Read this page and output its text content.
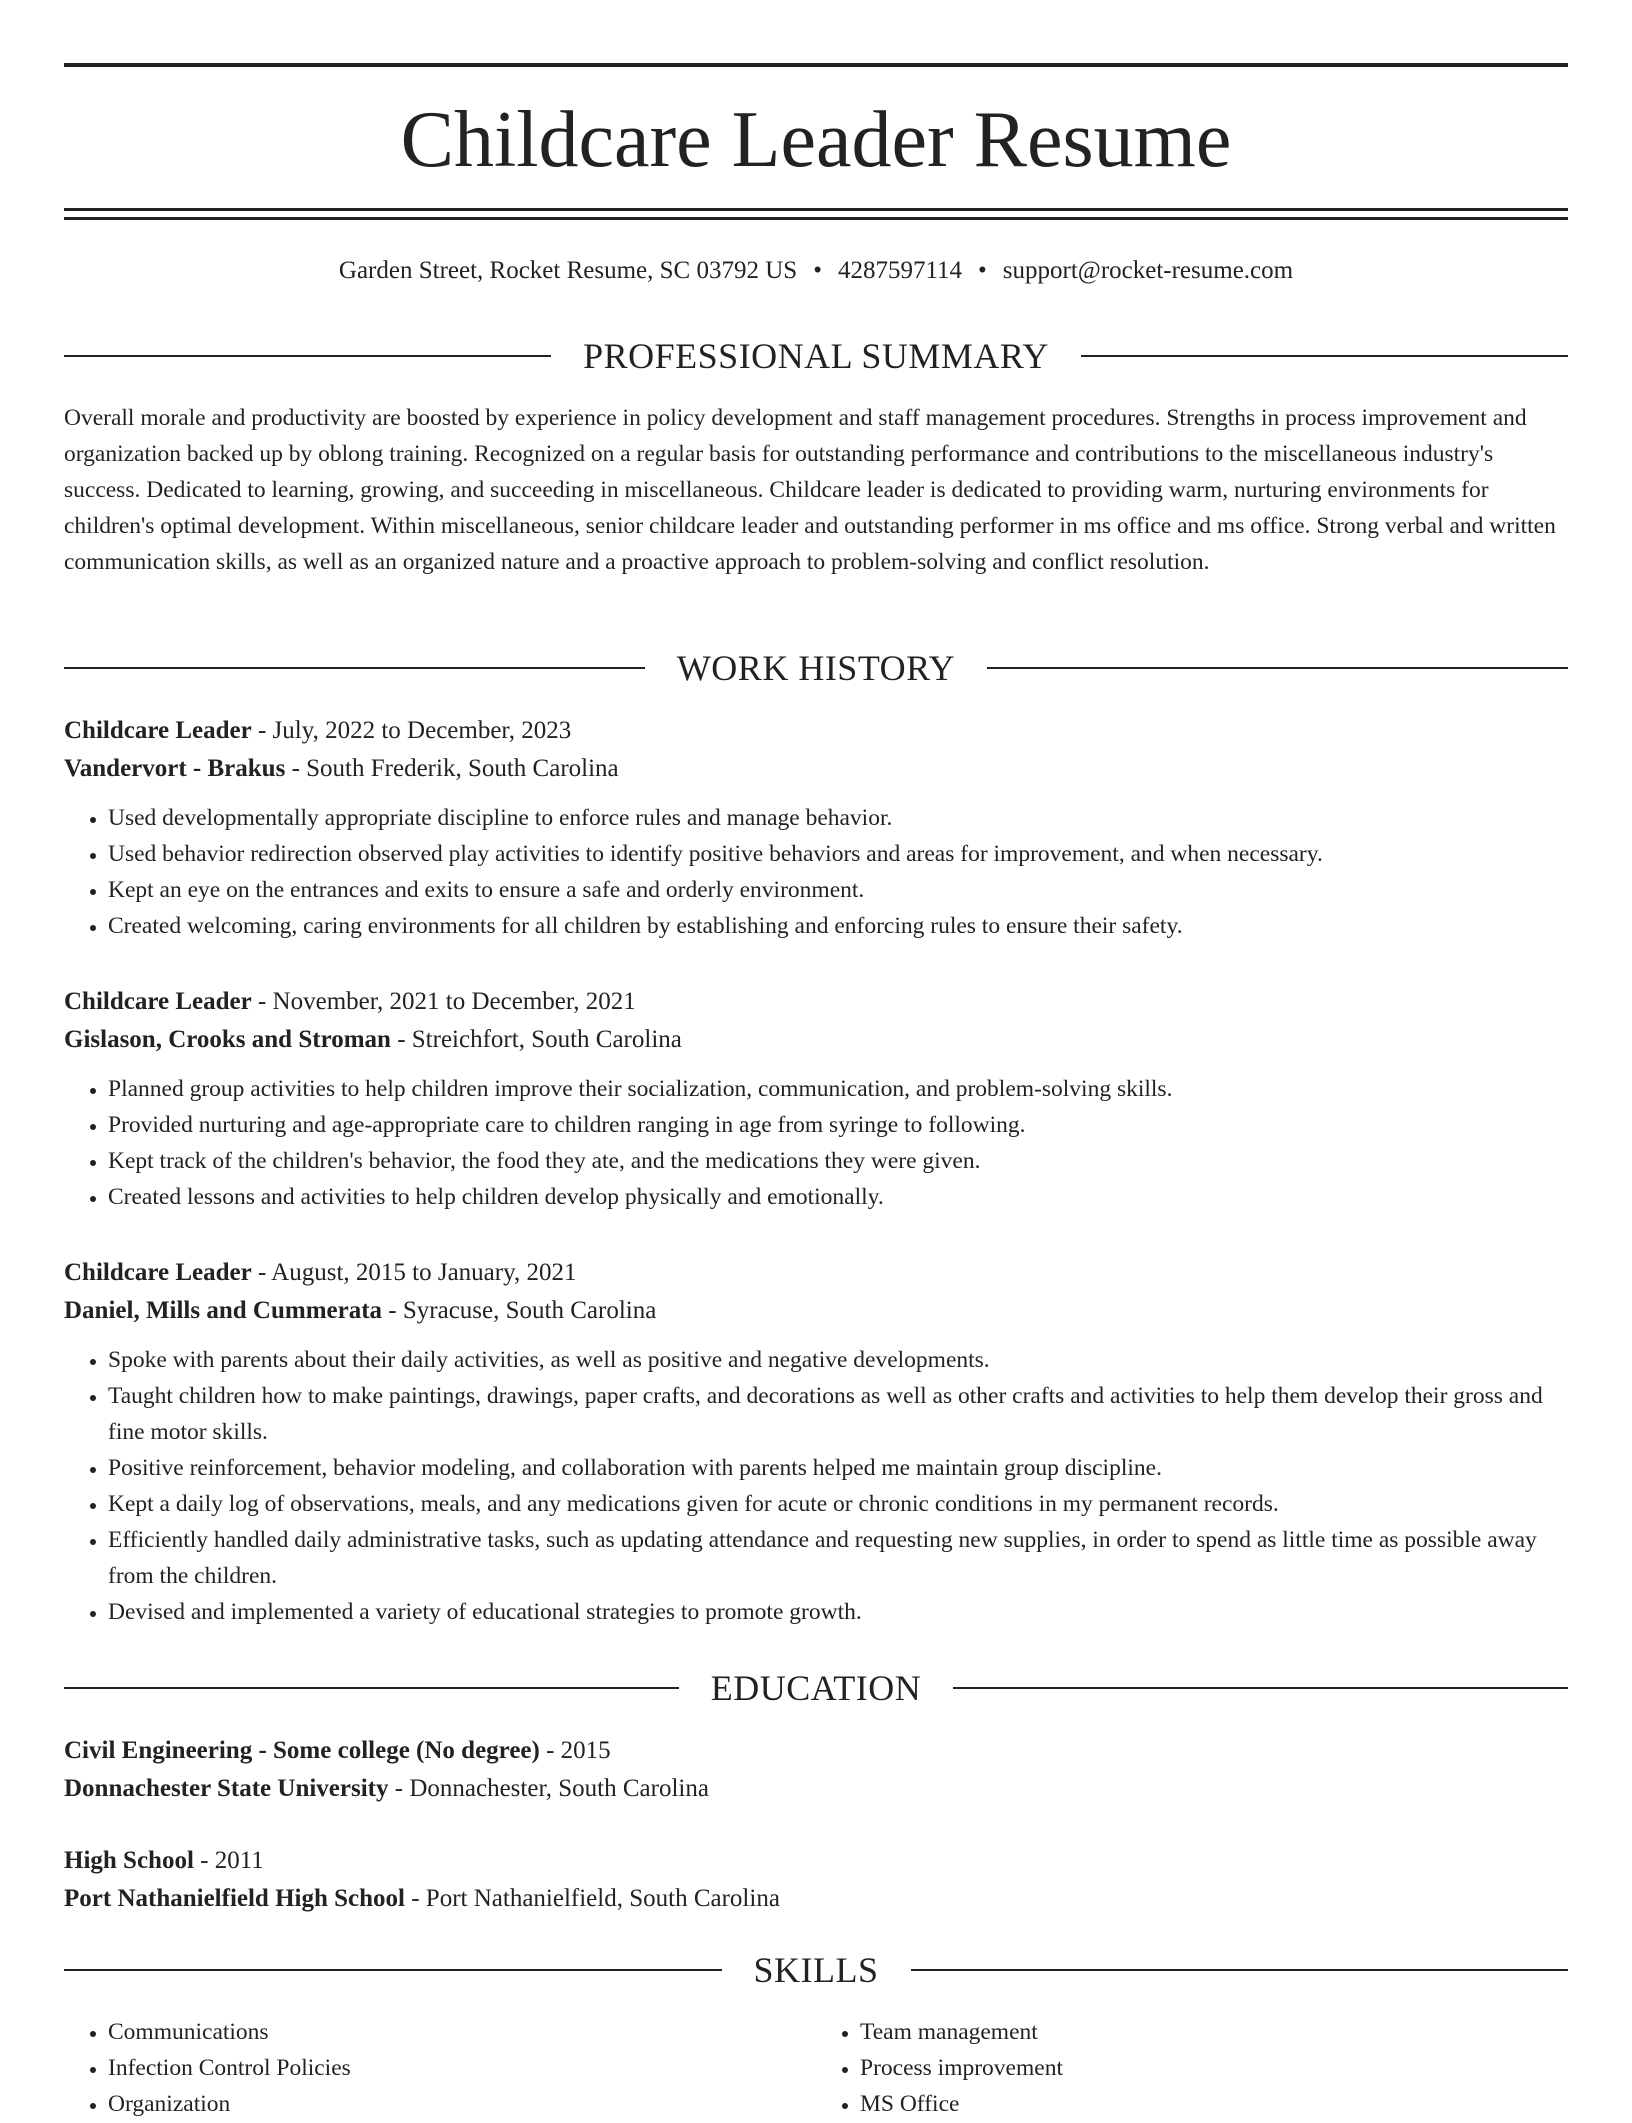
Childcare Leader Resume
Garden Street, Rocket Resume, SC 03792 US • 4287597114 • support@rocket-resume.com
PROFESSIONAL SUMMARY
Overall morale and productivity are boosted by experience in policy development and staff management procedures. Strengths in process improvement and organization backed up by oblong training. Recognized on a regular basis for outstanding performance and contributions to the miscellaneous industry's success. Dedicated to learning, growing, and succeeding in miscellaneous. Childcare leader is dedicated to providing warm, nurturing environments for children's optimal development. Within miscellaneous, senior childcare leader and outstanding performer in ms office and ms office. Strong verbal and written communication skills, as well as an organized nature and a proactive approach to problem-solving and conflict resolution.
WORK HISTORY
Childcare Leader - July, 2022 to December, 2023
Vandervort - Brakus - South Frederik, South Carolina
• Used developmentally appropriate discipline to enforce rules and manage behavior.
• Used behavior redirection observed play activities to identify positive behaviors and areas for improvement, and when necessary.
• Kept an eye on the entrances and exits to ensure a safe and orderly environment.
• Created welcoming, caring environments for all children by establishing and enforcing rules to ensure their safety.
Childcare Leader - November, 2021 to December, 2021
Gislason, Crooks and Stroman - Streichfort, South Carolina
• Planned group activities to help children improve their socialization, communication, and problem-solving skills.
• Provided nurturing and age-appropriate care to children ranging in age from syringe to following.
• Kept track of the children's behavior, the food they ate, and the medications they were given.
• Created lessons and activities to help children develop physically and emotionally.
Childcare Leader - August, 2015 to January, 2021
Daniel, Mills and Cummerata - Syracuse, South Carolina
• Spoke with parents about their daily activities, as well as positive and negative developments.
• Taught children how to make paintings, drawings, paper crafts, and decorations as well as other crafts and activities to help them develop their gross and fine motor skills.
• Positive reinforcement, behavior modeling, and collaboration with parents helped me maintain group discipline.
• Kept a daily log of observations, meals, and any medications given for acute or chronic conditions in my permanent records.
• Efficiently handled daily administrative tasks, such as updating attendance and requesting new supplies, in order to spend as little time as possible away from the children.
• Devised and implemented a variety of educational strategies to promote growth.
EDUCATION
Civil Engineering - Some college (No degree) - 2015
Donnachester State University - Donnachester, South Carolina
High School - 2011
Port Nathanielfield High School - Port Nathanielfield, South Carolina
SKILLS
• Communications
• Infection Control Policies
• Organization
• Team management
• Process improvement
• MS Office
